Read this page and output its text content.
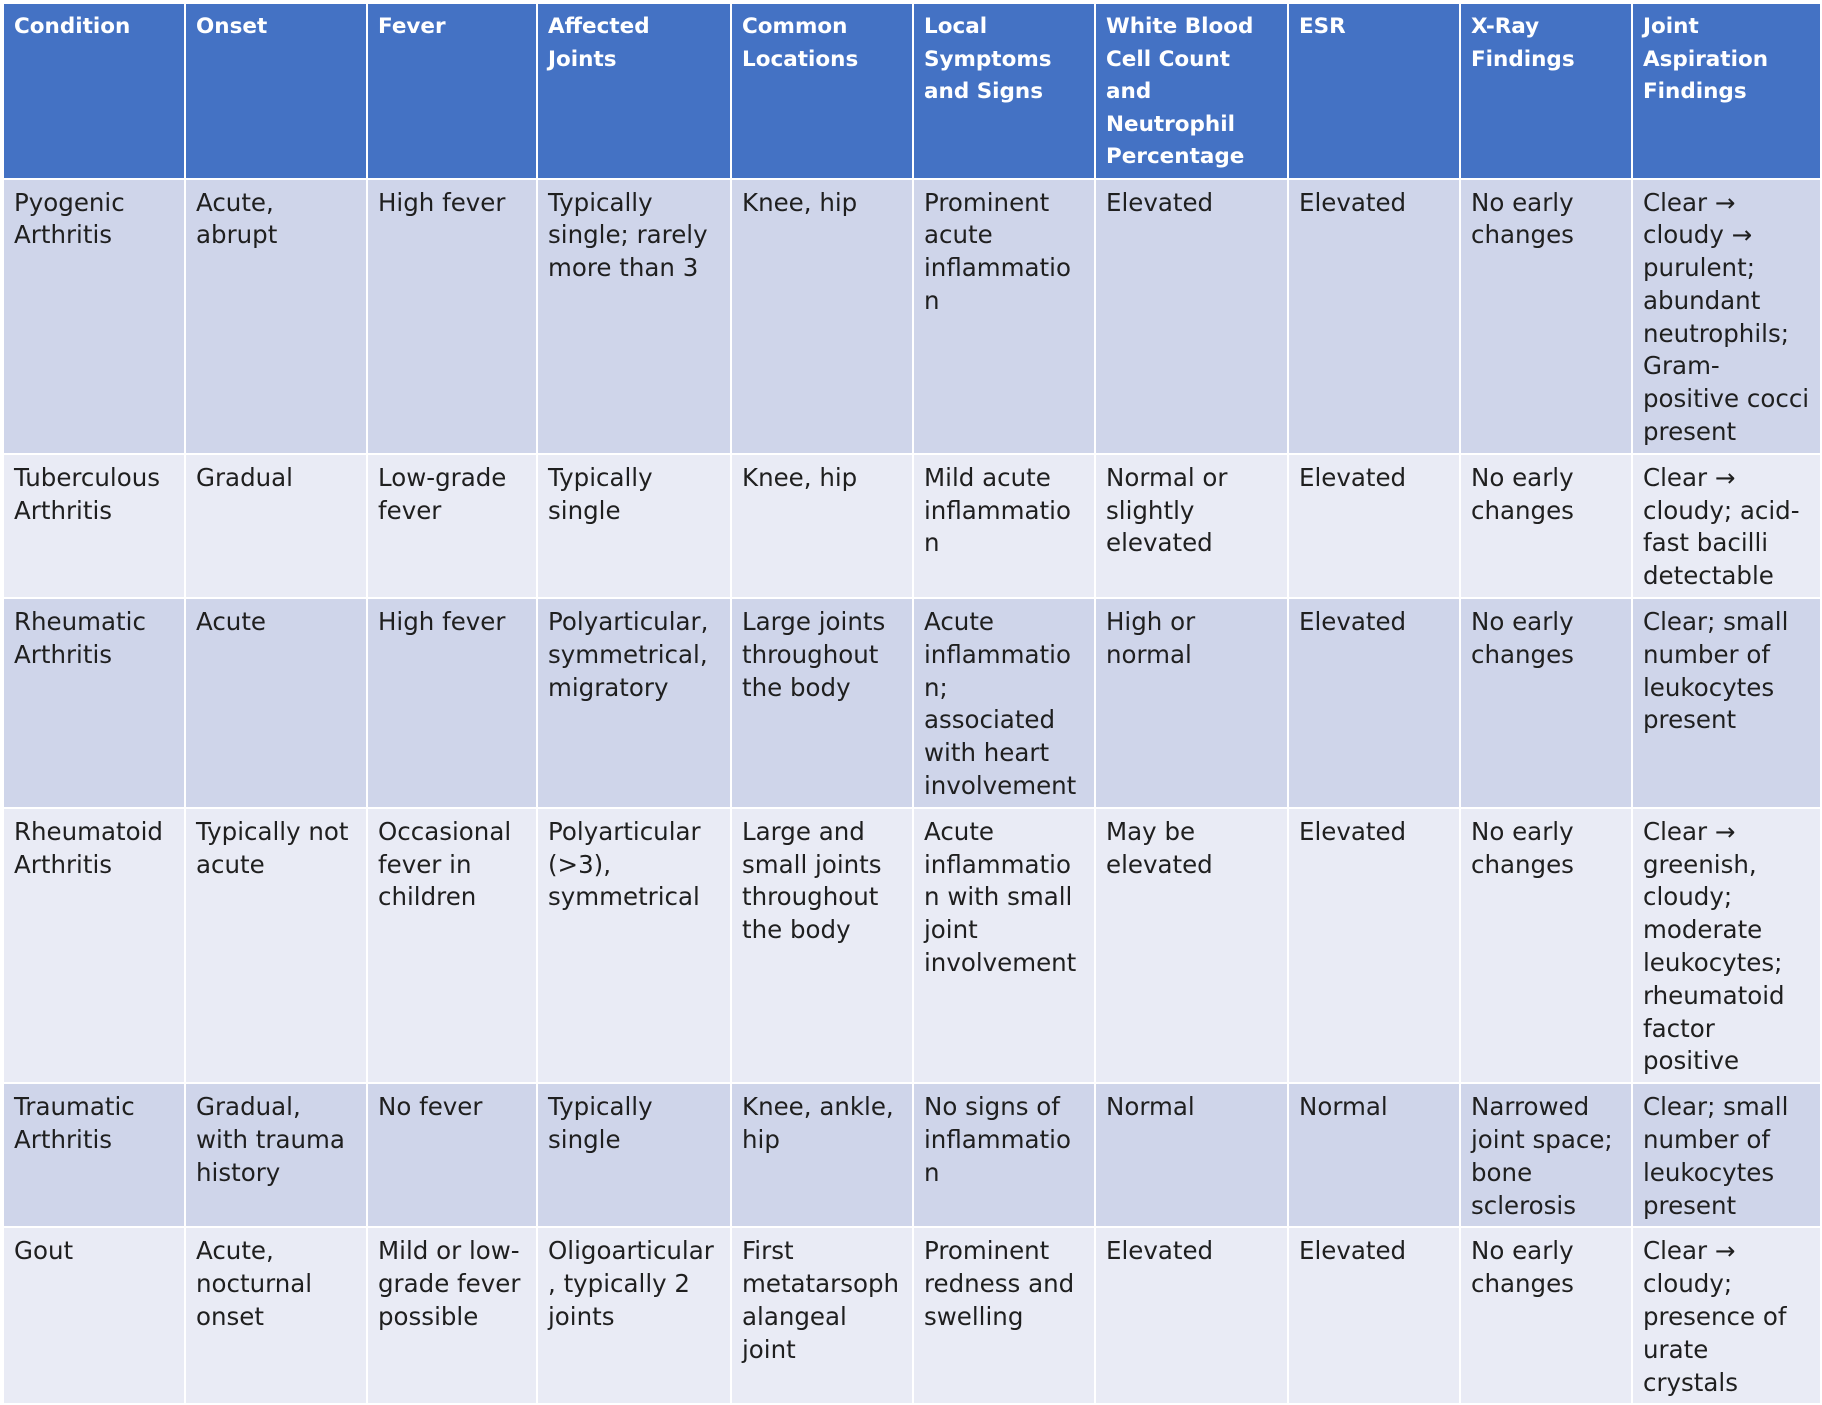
Condition	Onset	Fever	Affected Joints	Common Locations	Local Symptoms and Signs	White Blood Cell Count and Neutrophil Percentage	ESR	X-Ray Findings	Joint Aspiration Findings
Pyogenic Arthritis	Acute, abrupt	High fever	Typically single; rarely more than 3	Knee, hip	Prominent acute inflammation	Elevated	Elevated	No early changes	Clear → cloudy → purulent; abundant neutrophils; Gram-positive cocci present
Tuberculous Arthritis	Gradual	Low-grade fever	Typically single	Knee, hip	Mild acute inflammation	Normal or slightly elevated	Elevated	No early changes	Clear → cloudy; acid-fast bacilli detectable
Rheumatic Arthritis	Acute	High fever	Polyarticular, symmetrical, migratory	Large joints throughout the body	Acute inflammation; associated with heart involvement	High or normal	Elevated	No early changes	Clear; small number of leukocytes present
Rheumatoid Arthritis	Typically not acute	Occasional fever in children	Polyarticular (>3), symmetrical	Large and small joints throughout the body	Acute inflammation with small joint involvement	May be elevated	Elevated	No early changes	Clear → greenish, cloudy; moderate leukocytes; rheumatoid factor positive
Traumatic Arthritis	Gradual, with trauma history	No fever	Typically single	Knee, ankle, hip	No signs of inflammation	Normal	Normal	Narrowed joint space; bone sclerosis	Clear; small number of leukocytes present
Gout	Acute, nocturnal onset	Mild or low-grade fever possible	Oligoarticular, typically 2 joints	First metatarsophalangeal joint	Prominent redness and swelling	Elevated	Elevated	No early changes	Clear → cloudy; presence of urate crystals
